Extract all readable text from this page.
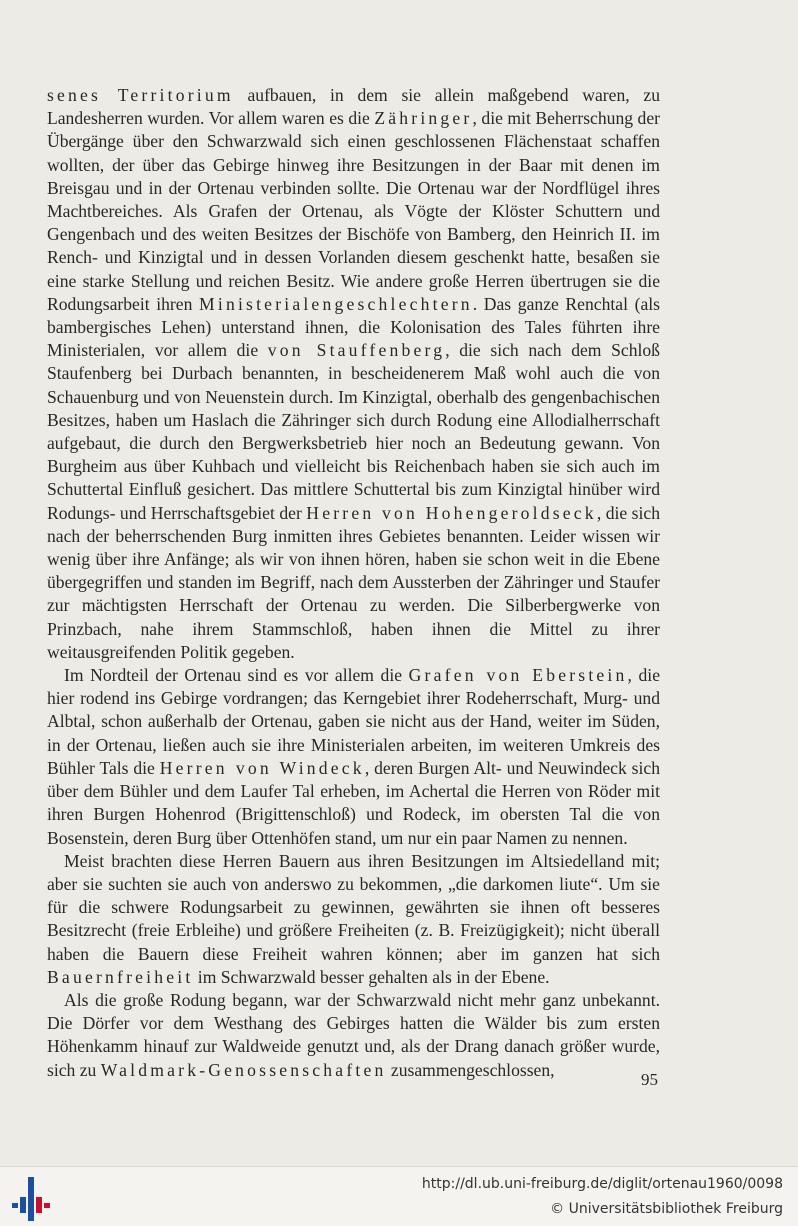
senes Territorium aufbauen, in dem sie allein maßgebend waren, zu Landesherren wurden. Vor allem waren es die Zähringer, die mit Beherrschung der Übergänge über den Schwarzwald sich einen geschlossenen Flächenstaat schaffen wollten, der über das Gebirge hinweg ihre Besitzungen in der Baar mit denen im Breisgau und in der Ortenau verbinden sollte. Die Ortenau war der Nordflügel ihres Machtbereiches. Als Grafen der Ortenau, als Vögte der Klöster Schuttern und Gengenbach und des weiten Besitzes der Bischöfe von Bamberg, den Heinrich II. im Rench- und Kinzigtal und in dessen Vorlanden diesem geschenkt hatte, besaßen sie eine starke Stellung und reichen Besitz. Wie andere große Herren übertrugen sie die Rodungsarbeit ihren Ministerialengeschlechtern. Das ganze Renchtal (als bambergisches Lehen) unterstand ihnen, die Kolonisation des Tales führten ihre Ministerialen, vor allem die von Stauffenberg, die sich nach dem Schloß Staufenberg bei Durbach benannten, in bescheidenerem Maß wohl auch die von Schauenburg und von Neuenstein durch. Im Kinzigtal, oberhalb des gengenbachischen Besitzes, haben um Haslach die Zähringer sich durch Rodung eine Allodialherrschaft aufgebaut, die durch den Bergwerksbetrieb hier noch an Bedeutung gewann. Von Burgheim aus über Kuhbach und vielleicht bis Reichenbach haben sie sich auch im Schuttertal Einfluß gesichert. Das mittlere Schuttertal bis zum Kinzigtal hinüber wird Rodungs- und Herrschaftsgebiet der Herren von Hohengeroldseck, die sich nach der beherrschenden Burg inmitten ihres Gebietes benannten. Leider wissen wir wenig über ihre Anfänge; als wir von ihnen hören, haben sie schon weit in die Ebene übergegriffen und standen im Begriff, nach dem Aussterben der Zähringer und Staufer zur mächtigsten Herrschaft der Ortenau zu werden. Die Silberbergwerke von Prinzbach, nahe ihrem Stammschloß, haben ihnen die Mittel zu ihrer weitausgreifenden Politik gegeben.

Im Nordteil der Ortenau sind es vor allem die Grafen von Eberstein, die hier rodend ins Gebirge vordrangen; das Kerngebiet ihrer Rodeherrschaft, Murg- und Albtal, schon außerhalb der Ortenau, gaben sie nicht aus der Hand, weiter im Süden, in der Ortenau, ließen auch sie ihre Ministerialen arbeiten, im weiteren Umkreis des Bühler Tals die Herren von Windeck, deren Burgen Alt- und Neuwindeck sich über dem Bühler und dem Laufer Tal erheben, im Achertal die Herren von Röder mit ihren Burgen Hohenrod (Brigittenschloß) und Rodeck, im obersten Tal die von Bosenstein, deren Burg über Ottenhöfen stand, um nur ein paar Namen zu nennen.

Meist brachten diese Herren Bauern aus ihren Besitzungen im Altsiedelland mit; aber sie suchten sie auch von anderswo zu bekommen, „die darkomen liute“. Um sie für die schwere Rodungsarbeit zu gewinnen, gewährten sie ihnen oft besseres Besitzrecht (freie Erbleihe) und größere Freiheiten (z. B. Freizügigkeit); nicht überall haben die Bauern diese Freiheit wahren können; aber im ganzen hat sich Bauernfreiheit im Schwarzwald besser gehalten als in der Ebene.

Als die große Rodung begann, war der Schwarzwald nicht mehr ganz unbekannt. Die Dörfer vor dem Westhang des Gebirges hatten die Wälder bis zum ersten Höhenkamm hinauf zur Waldweide genutzt und, als der Drang danach größer wurde, sich zu Waldmark-Genossenschaften zusammengeschlossen,	95
http://dl.ub.uni-freiburg.de/diglit/ortenau1960/0098
© Universitätsbibliothek Freiburg
